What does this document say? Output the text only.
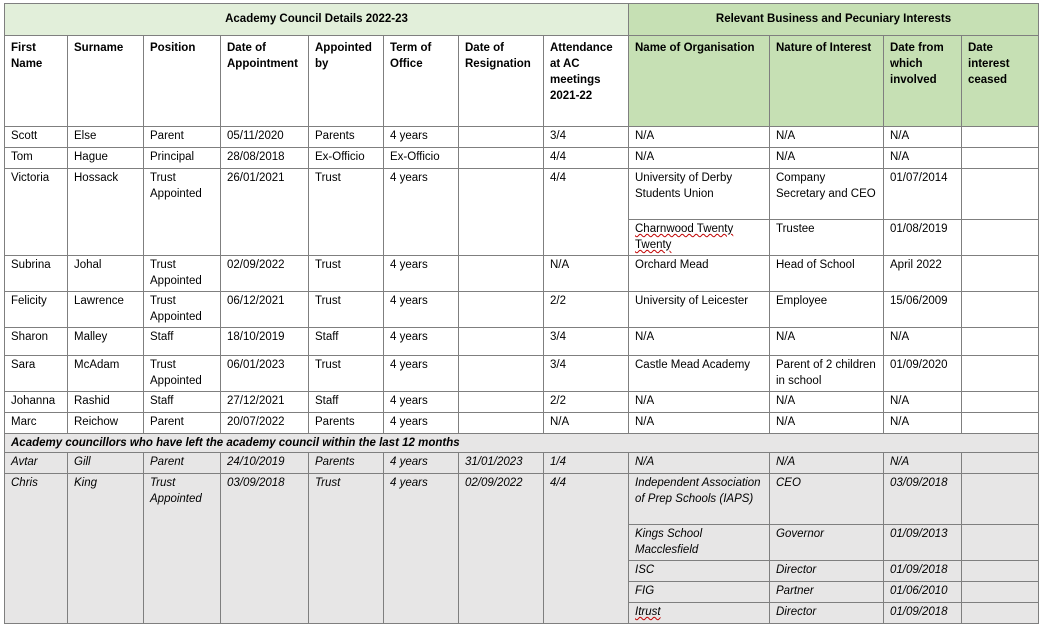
Academy Council Details 2022-23								Relevant Business and Pecuniary Interests			
First Name	Surname	Position	Date of Appointment	Appointed by	Term of Office	Date of Resignation	Attendance at AC meetings 2021-22	Name of Organisation	Nature of Interest	Date from which involved	Date interest ceased
Scott	Else	Parent	05/11/2020	Parents	4 years		3/4	N/A	N/A	N/A	
Tom	Hague	Principal	28/08/2018	Ex-Officio	Ex-Officio		4/4	N/A	N/A	N/A	
Victoria	Hossack	Trust Appointed	26/01/2021	Trust	4 years		4/4	University of Derby Students Union	Company Secretary and CEO	01/07/2014	
								Charnwood Twenty Twenty	Trustee	01/08/2019	
Subrina	Johal	Trust Appointed	02/09/2022	Trust	4 years		N/A	Orchard Mead	Head of School	April 2022	
Felicity	Lawrence	Trust Appointed	06/12/2021	Trust	4 years		2/2	University of Leicester	Employee	15/06/2009	
Sharon	Malley	Staff	18/10/2019	Staff	4 years		3/4	N/A	N/A	N/A	
Sara	McAdam	Trust Appointed	06/01/2023	Trust	4 years		3/4	Castle Mead Academy	Parent of 2 children in school	01/09/2020	
Johanna	Rashid	Staff	27/12/2021	Staff	4 years		2/2	N/A	N/A	N/A	
Marc	Reichow	Parent	20/07/2022	Parents	4 years		N/A	N/A	N/A	N/A	
Academy councillors who have left the academy council within the last 12 months											
Avtar	Gill	Parent	24/10/2019	Parents	4 years	31/01/2023	1/4	N/A	N/A	N/A	
Chris	King	Trust Appointed	03/09/2018	Trust	4 years	02/09/2022	4/4	Independent Association of Prep Schools (IAPS)	CEO	03/09/2018	
								Kings School Macclesfield	Governor	01/09/2013	
								ISC	Director	01/09/2018	
								FIG	Partner	01/06/2010	
								Itrust	Director	01/09/2018	
